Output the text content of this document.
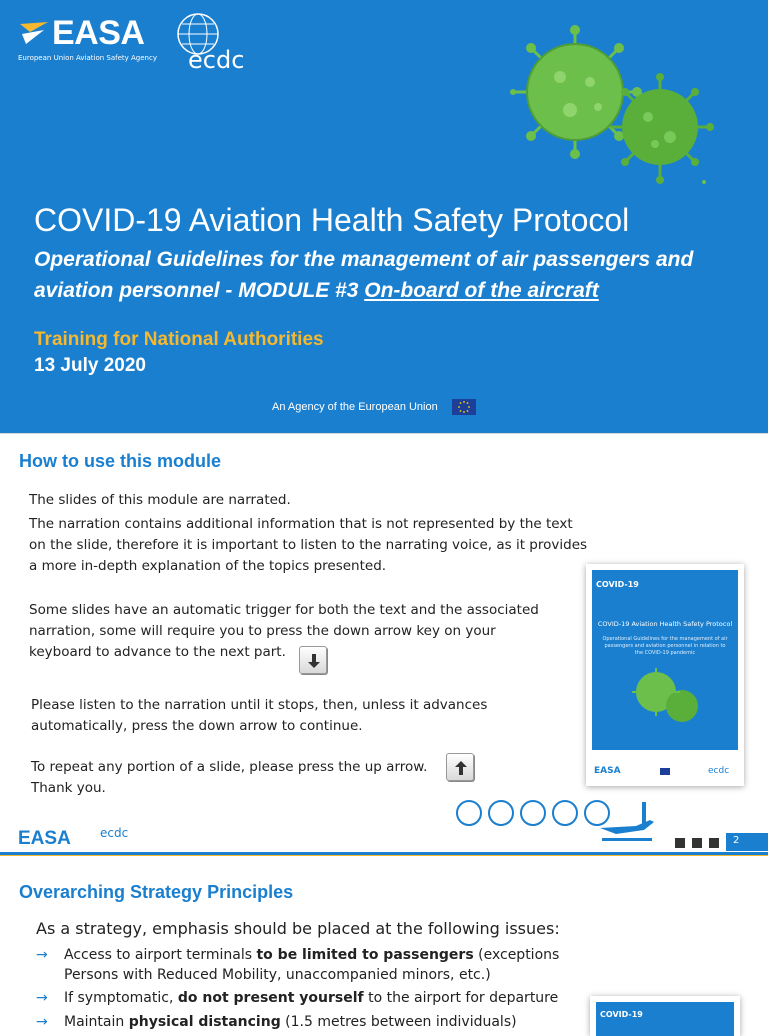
EASA
European Union Aviation Safety Agency ecdc
COVID-19 Aviation Health Safety Protocol
Operational Guidelines for the management of air passengers and aviation personnel - MODULE #3 On-board of the aircraft
Training for National Authorities
13 July 2020
An Agency of the European Union
How to use this module
The slides of this module are narrated.
The narration contains additional information that is not represented by the text on the slide, therefore it is important to listen to the narrating voice, as it provides a more in-depth explanation of the topics presented.
Some slides have an automatic trigger for both the text and the associated narration, some will require you to press the down arrow key on your keyboard to advance to the next part.
Please listen to the narration until it stops, then, unless it advances automatically, press the down arrow to continue.
To repeat any portion of a slide, please press the up arrow.
Thank you.
COVID-19
COVID-19 Aviation Health Safety Protocol
Operational Guidelines for the management of air passengers and aviation personnel in relation to the COVID-19 pandemic
EASA	ecdc
EASA ecdc
2
Overarching Strategy Principles
As a strategy, emphasis should be placed at the following issues:
→ Access to airport terminals to be limited to passengers (exceptions Persons with Reduced Mobility, unaccompanied minors, etc.)
→ If symptomatic, do not present yourself to the airport for departure
→ Maintain physical distancing (1.5 metres between individuals)	COVID-19
